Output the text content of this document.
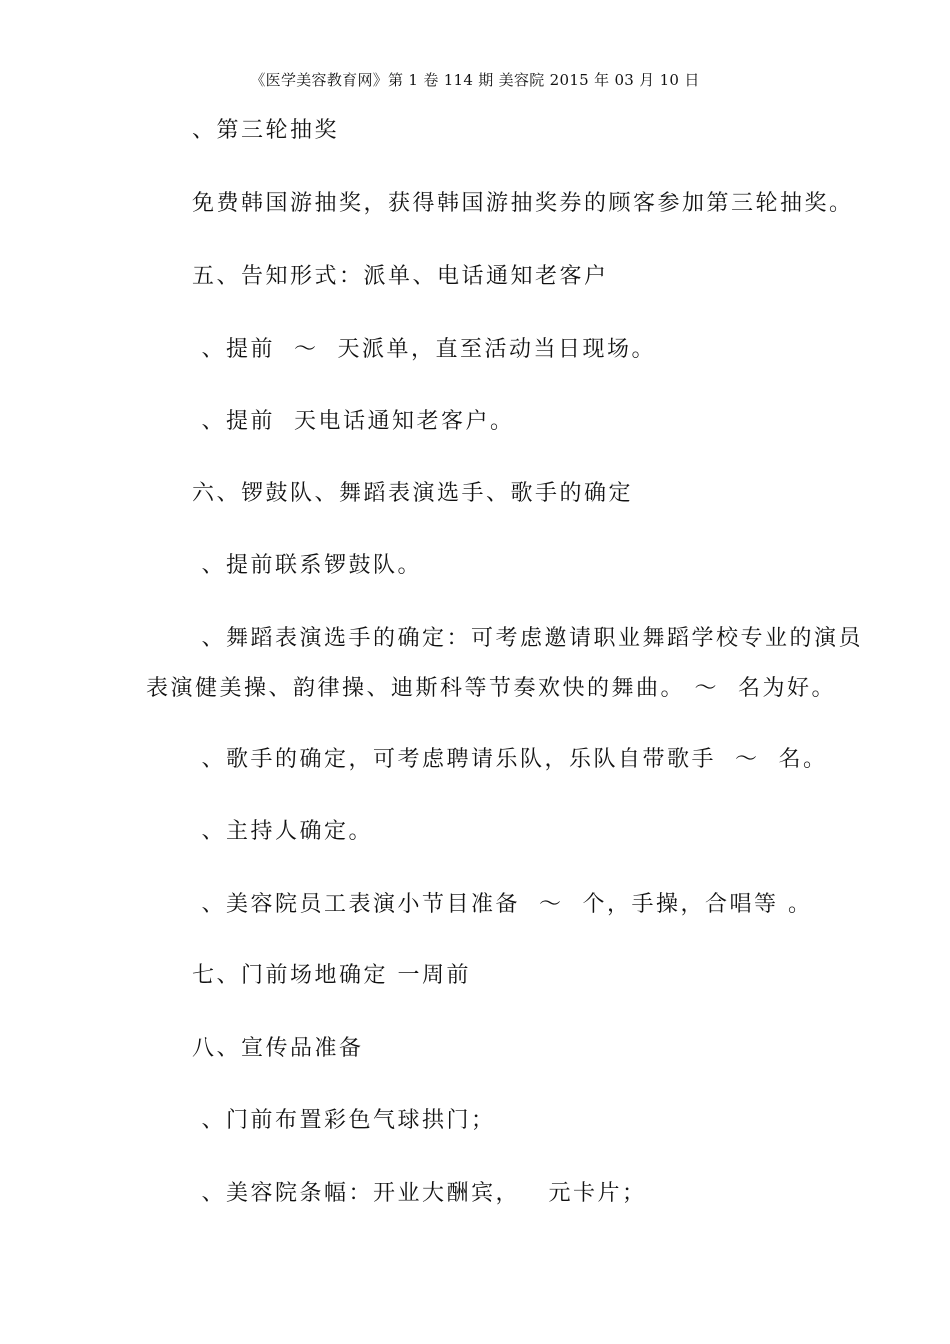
《医学美容教育网》第 1 卷 114 期 美容院 2015 年 03 月 10 日
、第三轮抽奖
免费韩国游抽奖，获得韩国游抽奖券的顾客参加第三轮抽奖。
五、告知形式：派单、电话通知老客户
、提前  ～  天派单，直至活动当日现场。
、提前  天电话通知老客户。
六、锣鼓队、舞蹈表演选手、歌手的确定
、提前联系锣鼓队。
、舞蹈表演选手的确定：可考虑邀请职业舞蹈学校专业的演员
表演健美操、韵律操、迪斯科等节奏欢快的舞曲。 ～  名为好。
、歌手的确定，可考虑聘请乐队，乐队自带歌手  ～  名。
、主持人确定。
、美容院员工表演小节目准备  ～  个，手操，合唱等 。
七、门前场地确定 一周前
八、宣传品准备
、门前布置彩色气球拱门；
、美容院条幅：开业大酬宾，   元卡片；
